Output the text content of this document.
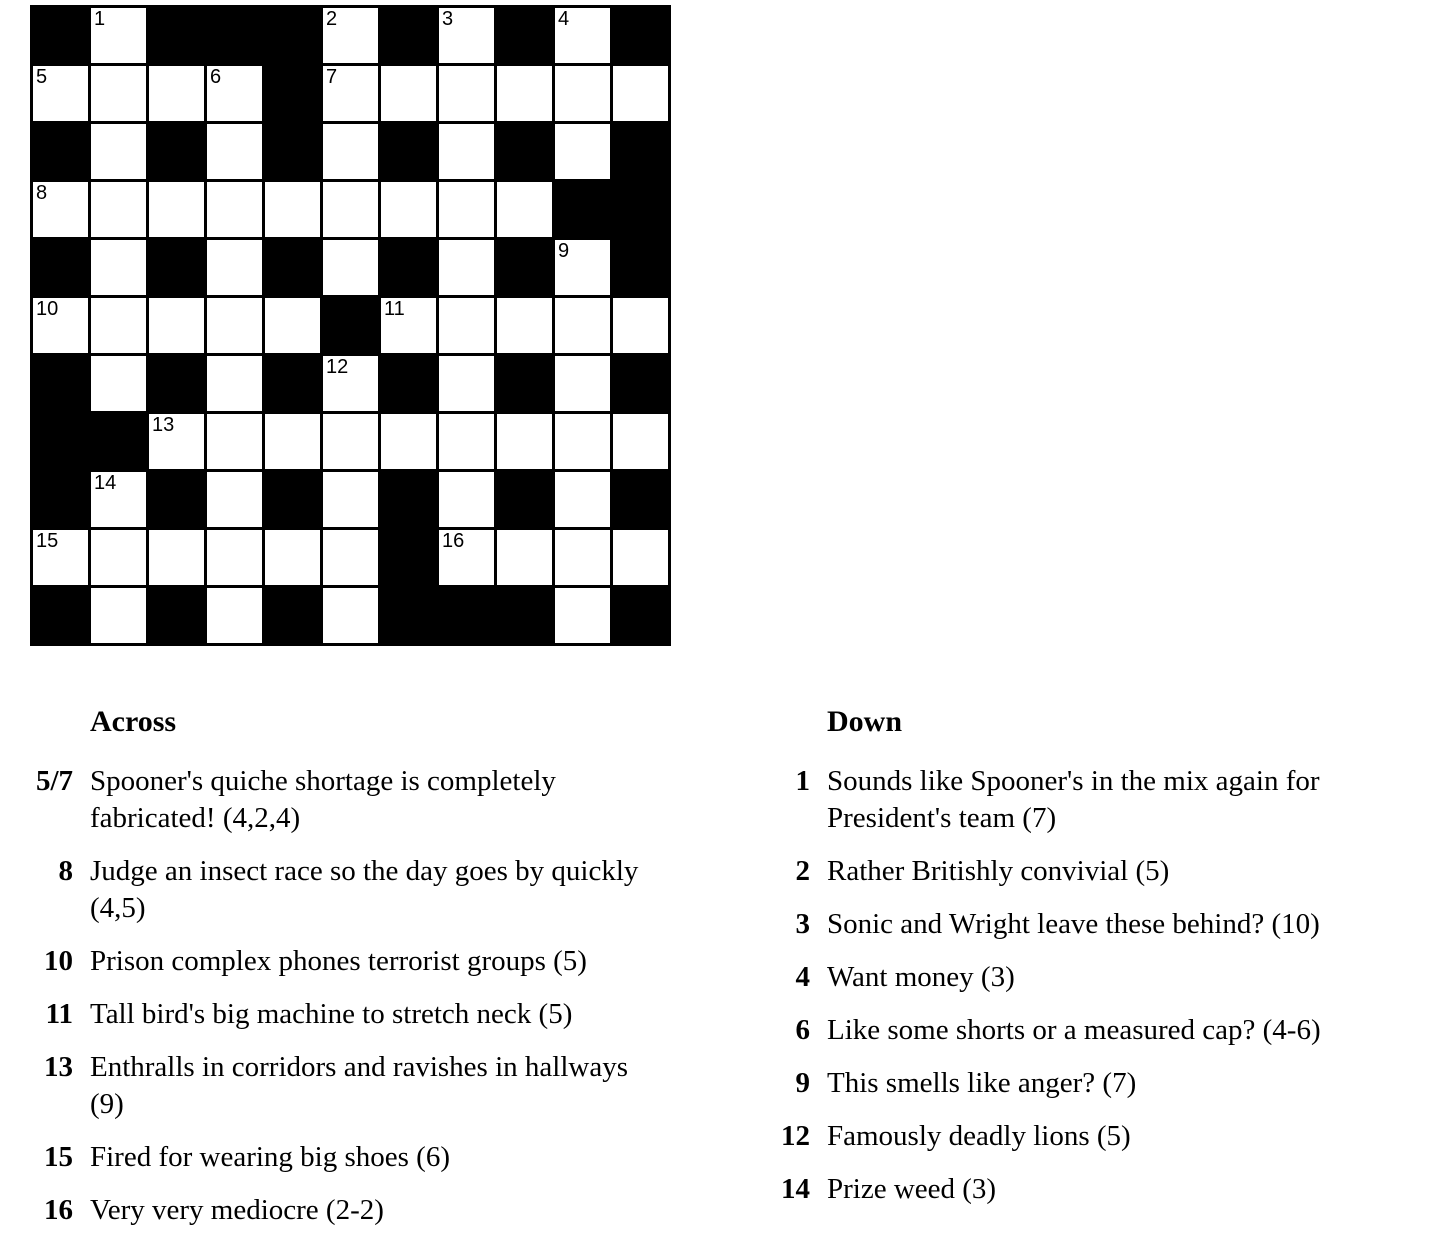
1	2	3	4
5	6	7
8
9
10	11
12
13
14
15	16
Across
5/7 Spooner's quiche shortage is completely fabricated! (4,2,4)
8 Judge an insect race so the day goes by quickly (4,5)
10 Prison complex phones terrorist groups (5)
11 Tall bird's big machine to stretch neck (5)
13 Enthralls in corridors and ravishes in hallways (9)
15 Fired for wearing big shoes (6)
16 Very very mediocre (2-2)
Down
1 Sounds like Spooner's in the mix again for President's team (7)
2 Rather Britishly convivial (5)
3 Sonic and Wright leave these behind? (10)
4 Want money (3)
6 Like some shorts or a measured cap? (4-6)
9 This smells like anger? (7)
12 Famously deadly lions (5)
14 Prize weed (3)
